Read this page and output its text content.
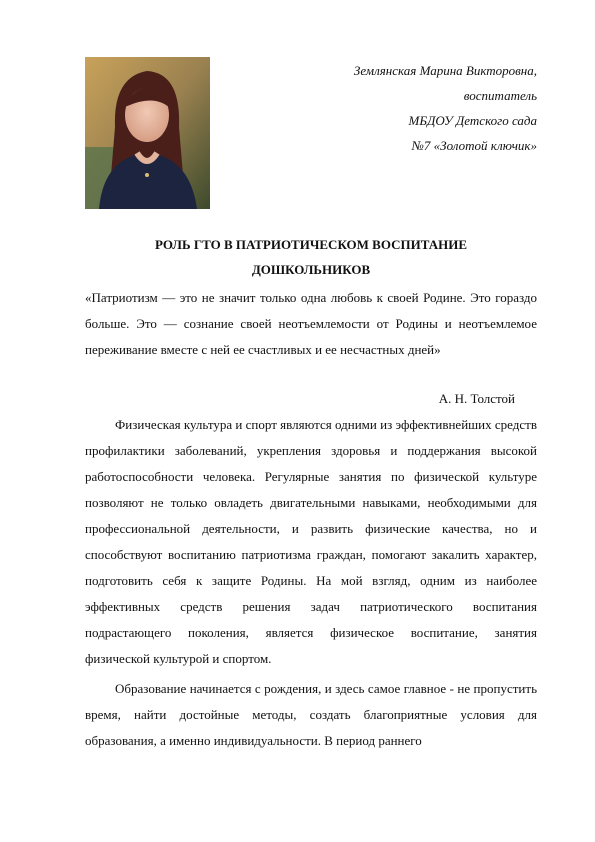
Землянская Марина Викторовна,
воспитатель
МБДОУ Детского сада
№7 «Золотой ключик»
РОЛЬ ГТО В ПАТРИОТИЧЕСКОМ ВОСПИТАНИЕ
ДОШКОЛЬНИКОВ
«Патриотизм — это не значит только одна любовь к своей Родине. Это гораздо больше. Это — сознание своей неотъемлемости от Родины и неотъемлемое переживание вместе с ней ее счастливых и ее несчастных дней»
А. Н. Толстой

Физическая культура и спорт являются одними из эффективнейших средств профилактики заболеваний, укрепления здоровья и поддержания высокой работоспособности человека. Регулярные занятия по физической культуре позволяют не только овладеть двигательными навыками, необходимыми для профессиональной деятельности, и развить физические качества, но и способствуют воспитанию патриотизма граждан, помогают закалить характер, подготовить себя к защите Родины. На мой взгляд, одним из наиболее эффективных средств решения задач патриотического воспитания подрастающего поколения, является физическое воспитание, занятия физической культурой и спортом.

Образование начинается с рождения, и здесь самое главное - не пропустить время, найти достойные методы, создать благоприятные условия для образования, а именно индивидуальности. В период раннего
